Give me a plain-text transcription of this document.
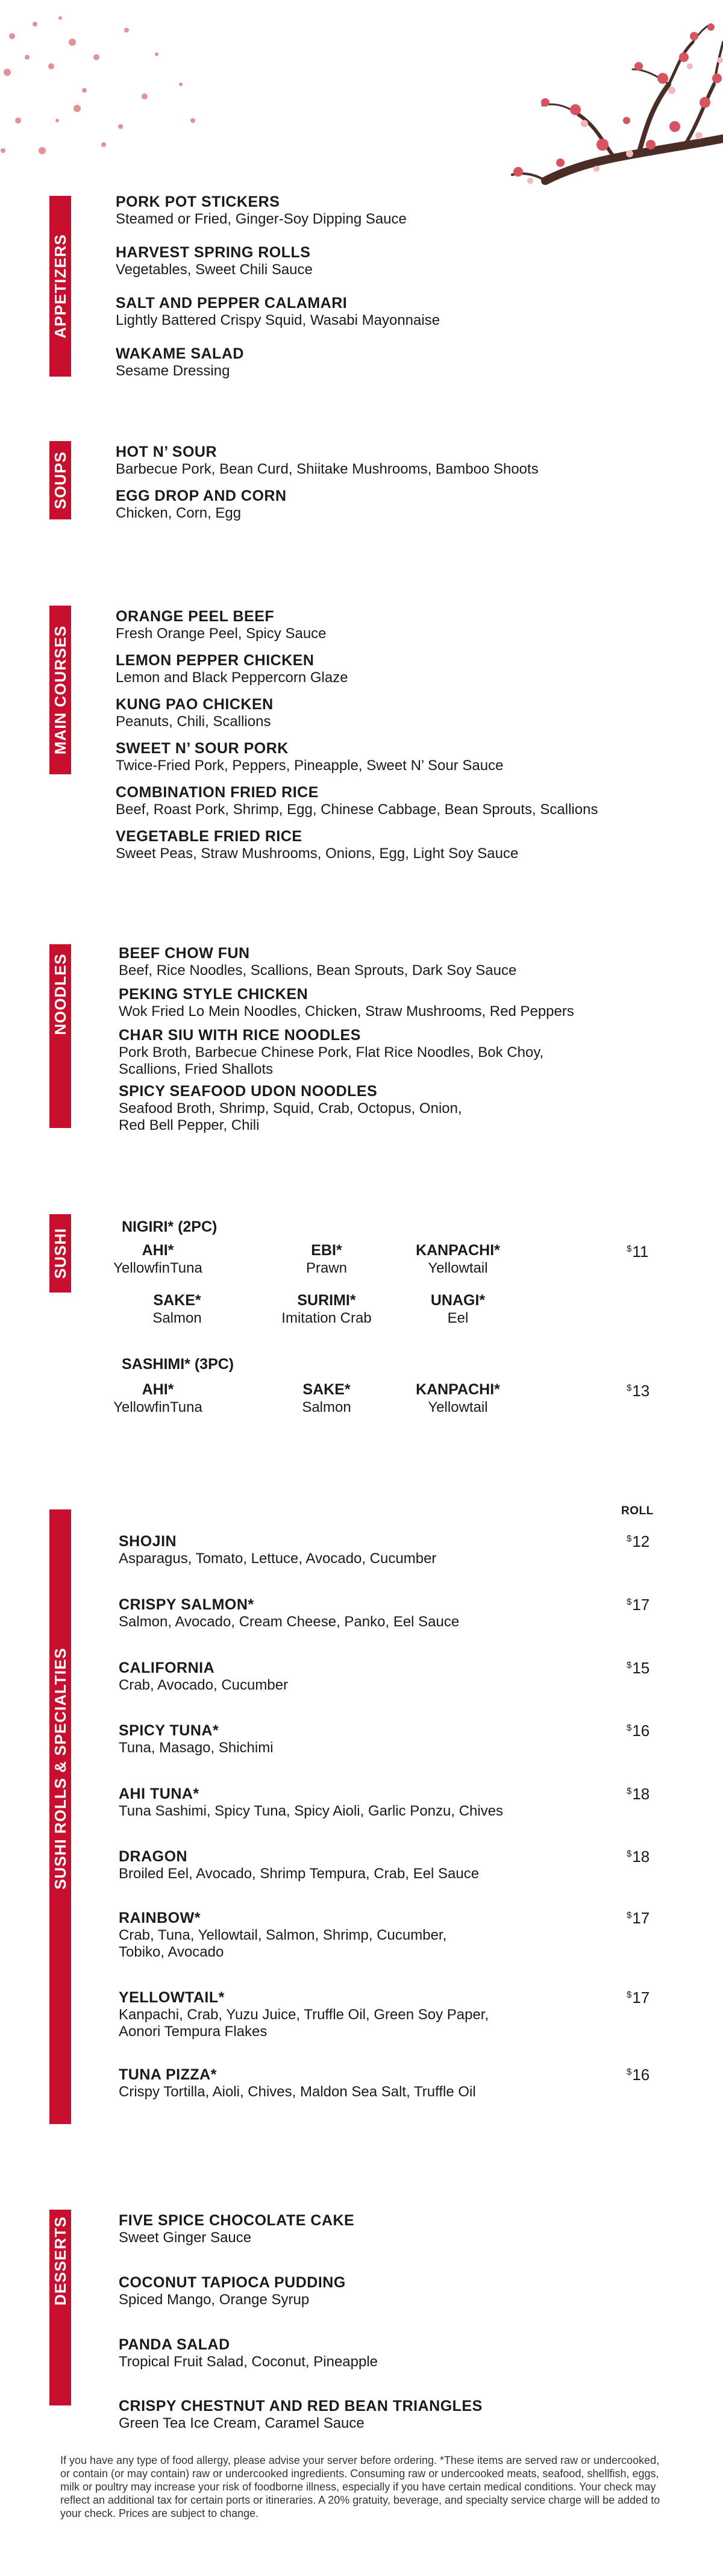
APPETIZERS
PORK POT STICKERS
Steamed or Fried, Ginger-Soy Dipping Sauce
HARVEST SPRING ROLLS
Vegetables, Sweet Chili Sauce
SALT AND PEPPER CALAMARI
Lightly Battered Crispy Squid, Wasabi Mayonnaise
WAKAME SALAD
Sesame Dressing
SOUPS	HOT N’ SOUR
Barbecue Pork, Bean Curd, Shiitake Mushrooms, Bamboo Shoots
EGG DROP AND CORN
Chicken, Corn, Egg
MAIN COURSES
ORANGE PEEL BEEF
Fresh Orange Peel, Spicy Sauce
LEMON PEPPER CHICKEN
Lemon and Black Peppercorn Glaze
KUNG PAO CHICKEN
Peanuts, Chili, Scallions
SWEET N’ SOUR PORK
Twice-Fried Pork, Peppers, Pineapple, Sweet N’ Sour Sauce
COMBINATION FRIED RICE
Beef, Roast Pork, Shrimp, Egg, Chinese Cabbage, Bean Sprouts, Scallions
VEGETABLE FRIED RICE
Sweet Peas, Straw Mushrooms, Onions, Egg, Light Soy Sauce
NOODLES
BEEF CHOW FUN
Beef, Rice Noodles, Scallions, Bean Sprouts, Dark Soy Sauce
PEKING STYLE CHICKEN
Wok Fried Lo Mein Noodles, Chicken, Straw Mushrooms, Red Peppers
CHAR SIU WITH RICE NOODLES
Pork Broth, Barbecue Chinese Pork, Flat Rice Noodles, Bok Choy,
Scallions, Fried Shallots
SPICY SEAFOOD UDON NOODLES
Seafood Broth, Shrimp, Squid, Crab, Octopus, Onion,
Red Bell Pepper, Chili
SUSHI
NIGIRI* (2PC)
$11
AHI*
YellowfinTuna
EBI*
Prawn
KANPACHI*
Yellowtail
SAKE*
Salmon
SURIMI*
Imitation Crab
UNAGI*
Eel
SASHIMI* (3PC)
$13
AHI*
YellowfinTuna
SAKE*
Salmon
KANPACHI*
Yellowtail
SUSHI ROLLS & SPECIALTIES
ROLL
SHOJIN
Asparagus, Tomato, Lettuce, Avocado, Cucumber
$12
CRISPY SALMON*
Salmon, Avocado, Cream Cheese, Panko, Eel Sauce
$17
CALIFORNIA
Crab, Avocado, Cucumber
$15
SPICY TUNA*
Tuna, Masago, Shichimi
$16
AHI TUNA*
Tuna Sashimi, Spicy Tuna, Spicy Aioli, Garlic Ponzu, Chives
$18
DRAGON
Broiled Eel, Avocado, Shrimp Tempura, Crab, Eel Sauce
$18
RAINBOW*
Crab, Tuna, Yellowtail, Salmon, Shrimp, Cucumber,
Tobiko, Avocado
$17
YELLOWTAIL*
Kanpachi, Crab, Yuzu Juice, Truffle Oil, Green Soy Paper,
Aonori Tempura Flakes
$17
TUNA PIZZA*
Crispy Tortilla, Aioli, Chives, Maldon Sea Salt, Truffle Oil
$16
DESSERTS	FIVE SPICE CHOCOLATE CAKE
Sweet Ginger Sauce
COCONUT TAPIOCA PUDDING
Spiced Mango, Orange Syrup
PANDA SALAD
Tropical Fruit Salad, Coconut, Pineapple
CRISPY CHESTNUT AND RED BEAN TRIANGLES
Green Tea Ice Cream, Caramel Sauce
If you have any type of food allergy, please advise your server before ordering. *These items are served raw or undercooked, or contain (or may contain) raw or undercooked ingredients. Consuming raw or undercooked meats, seafood, shellfish, eggs, milk or poultry may increase your risk of foodborne illness, especially if you have certain medical conditions. Your check may reflect an additional tax for certain ports or itineraries. A 20% gratuity, beverage, and specialty service charge will be added to your check. Prices are subject to change.
